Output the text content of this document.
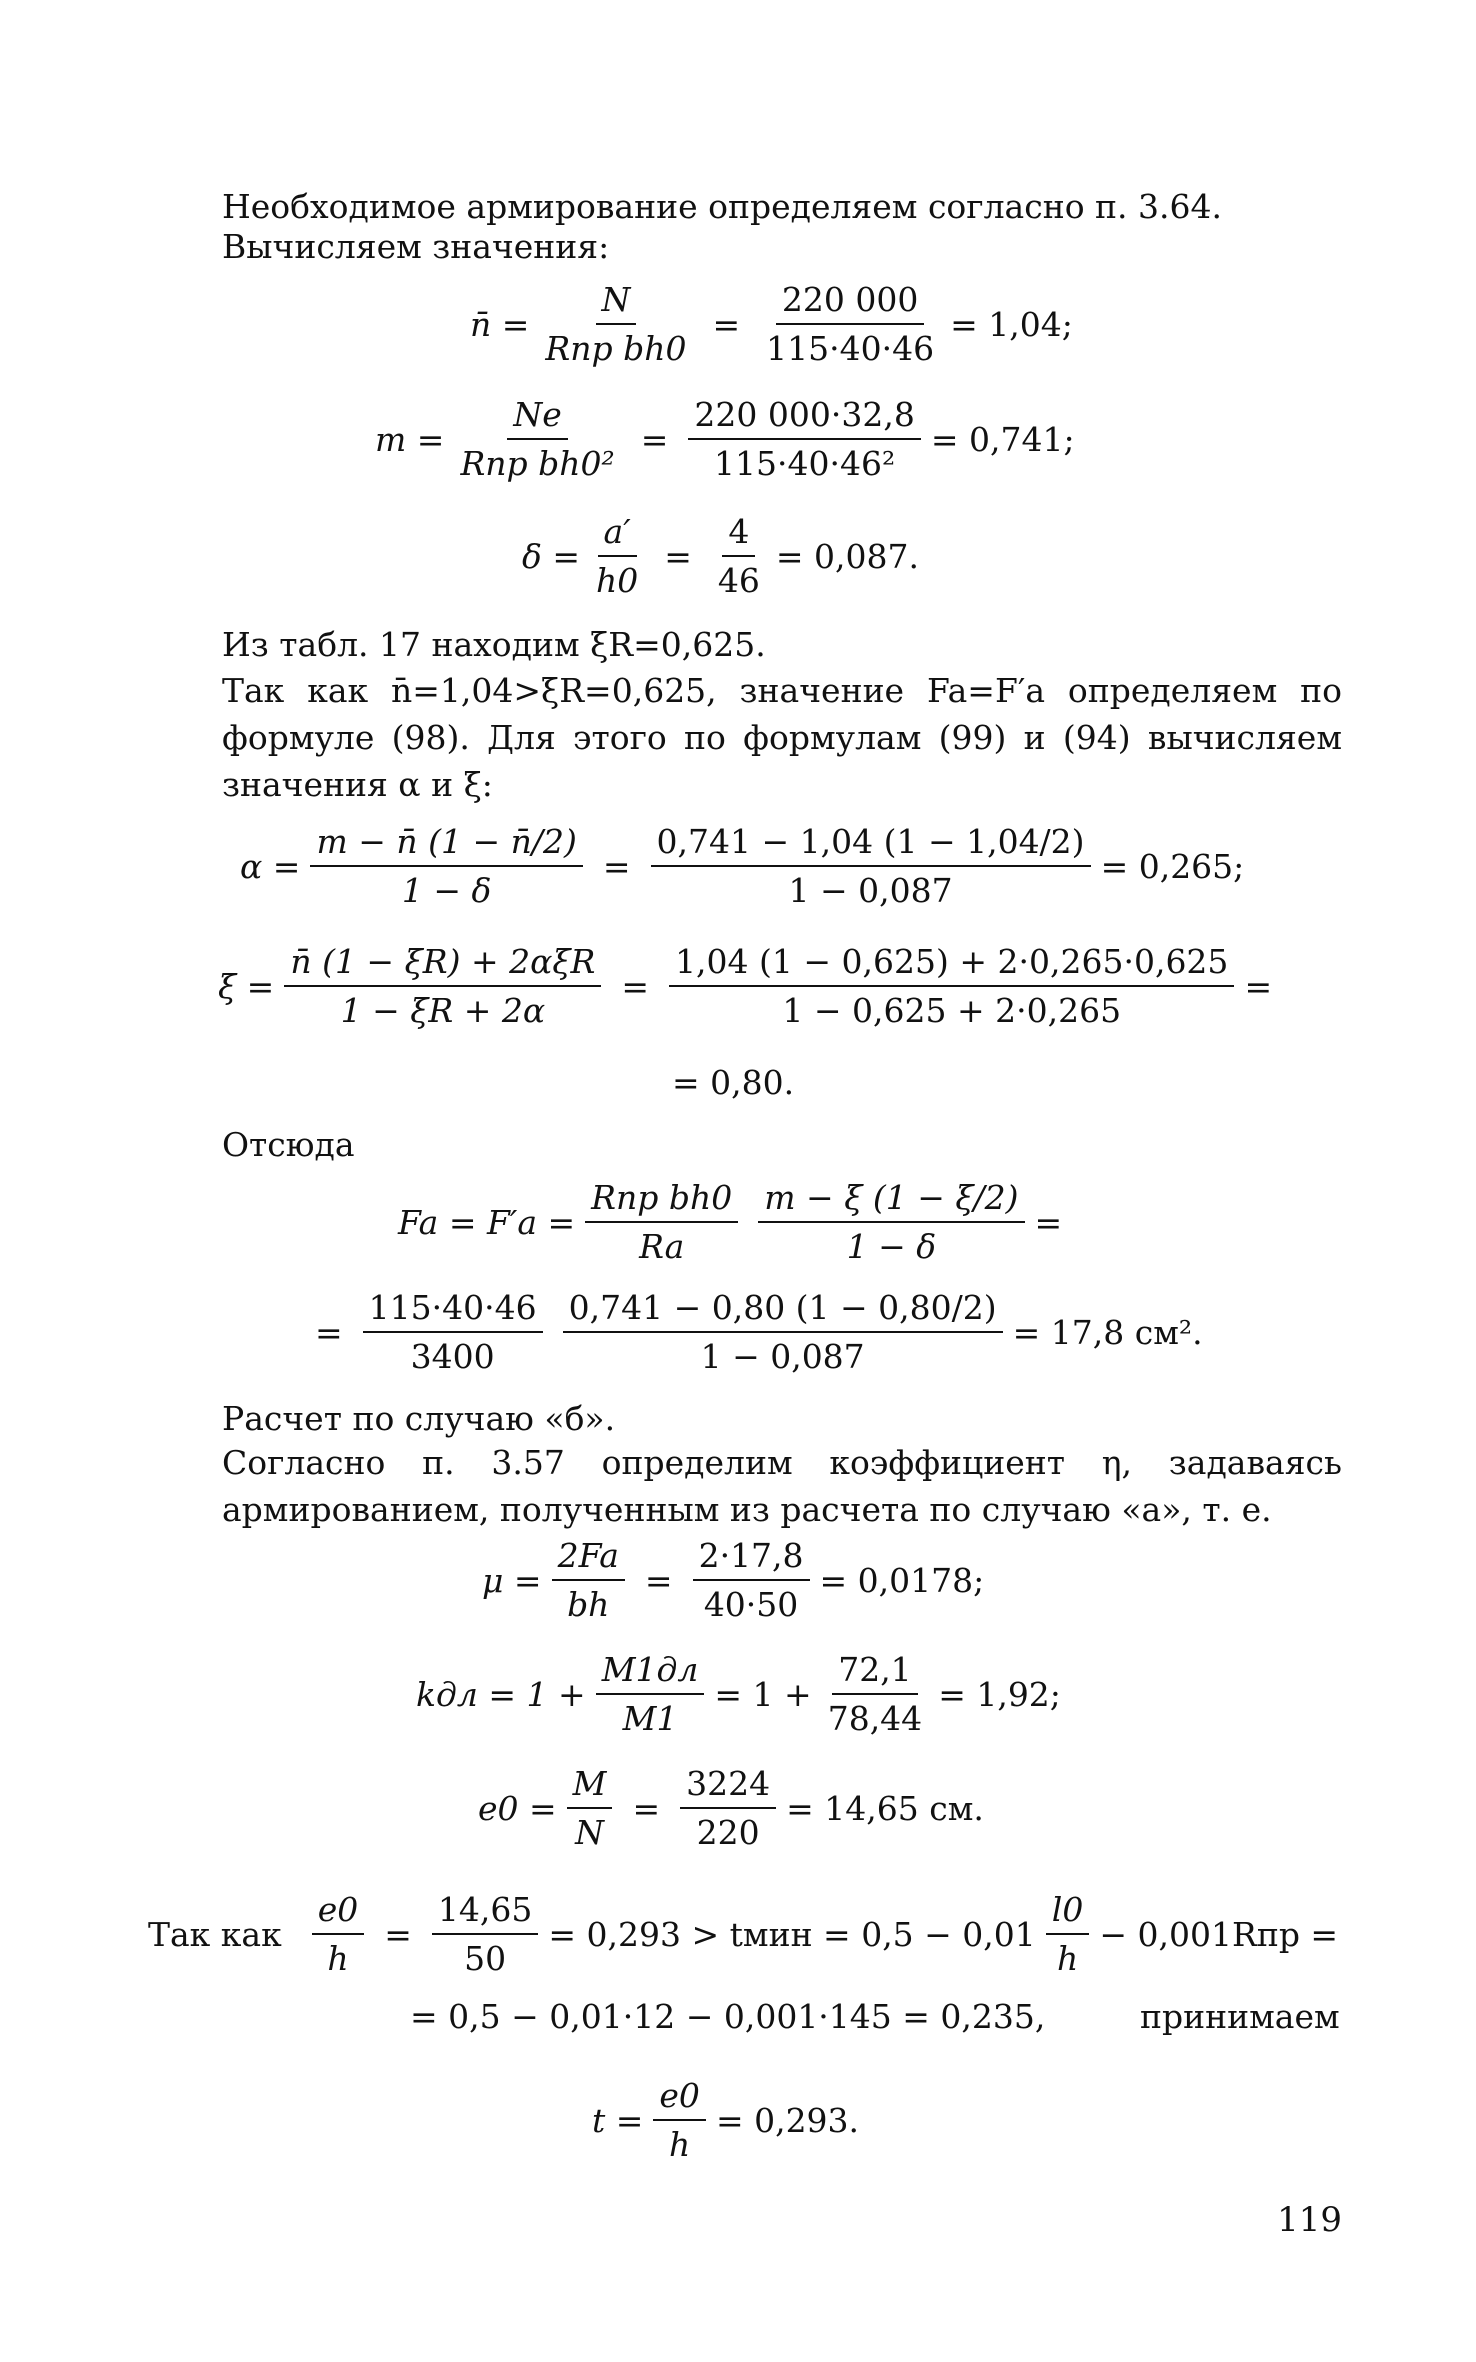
Необходимое армирование определяем согласно п. 3.64.
Вычисляем значения:
n̄ = $\frac{N}{\text{Rпр bh0}} = \frac{220 000}{115\cdot 40\cdot 46} = 1,04$;
$m = \frac{Ne}{\text{Rпр bh0²}} = \frac{220 000\cdot 32,8}{\text{115·40·46²}} = 0,741$;
$\delta = \frac{a'}{h0} = \frac{4}{46} = 0,087$.
Из табл. 17 находим ξR=0,625.
Так как n̄=1,04>ξR=0,625, значение Fa=F′a определяем по формуле (98). Для этого по формулам (99) и (94) вычисляем значения α и ξ:
$\alpha = \frac{m - n̄ (1 - n̄/2)}{1 - \delta} = \frac{0,741 - 1,04 (1 - 1,04/2)}{1 - 0,087} = 0,265$;
$\xi = \frac{\text{n̄ (1 − ξR) + 2αξR}}{1 - \xi R + 2\alpha} = \frac{1,04 (1 - 0,625) + 2\cdot 0,265\cdot 0,625}{1 - 0,625 + 2\cdot 0,265}$ =
= 0,80.
Отсюда
$Fa = F'a = \frac{\text{Rпр bh0}}{Ra} \frac{m - \xi (1 - \xi/2)}{1 - \delta}$ =
= $\frac{115\cdot 40\cdot 46}{3400} \frac{0,741 - 0,80 (1 - 0,80/2)}{1 - 0,087} = 17,8$ см².
Расчет по случаю «б».
Согласно п. 3.57 определим коэффициент η, задаваясь армированием, полученным из расчета по случаю «а», т. е.
$\mu = \frac{2Fa}{bh} = \frac{2\cdot 17,8}{40\cdot 50} = 0,0178$;
kдл = $1 + \frac{M1дл}{M1} = 1 + \frac{72,1}{78,44} = 1,92$;
$e0 = \frac{M}{N} = \frac{3224}{220} = 14,65$ см.
Так как $\frac{e0}{h} = \frac{14,65}{50} = 0,293$ > tмин = $0,5 - 0,01 \frac{l0}{h} - 0,001Rпр$ =
= 0,5 − 0,01·12 − 0,001·145 = 0,235,	принимаем
$t = \frac{e0}{h} = 0,293$.
119
